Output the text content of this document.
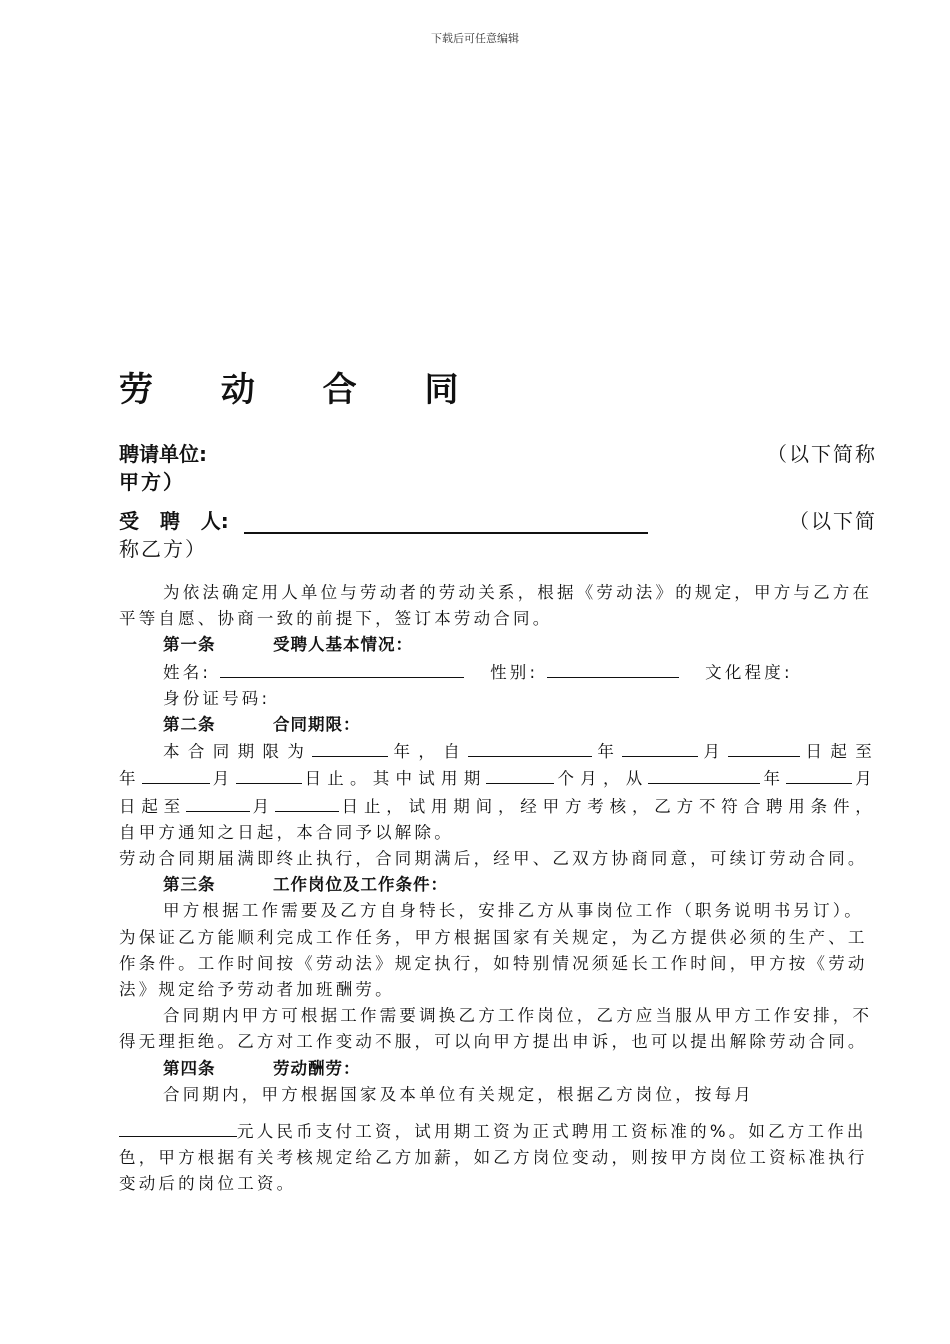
下载后可任意编辑
劳 动 合 同
聘请单位:	（以下简称
甲方）
受   聘   人:	（以下简
称乙方）

为依法确定用人单位与劳动者的劳动关系，根据《劳动法》的规定，甲方与乙方在平等自愿、协商一致的前提下，签订本劳动合同。

第一条	受聘人基本情况：

姓名:	性别:	文化程度:

身份证号码:

第二条	合同期限：

本合同期限为	年，自	年	月	日起至

年	月	日止。其中试用期	个月，从	年	月

日起至	月	日止，试用期间，经甲方考核，乙方不符合聘用条件，

自甲方通知之日起，本合同予以解除。

劳动合同期届满即终止执行，合同期满后，经甲、乙双方协商同意，可续订劳动合同。

第三条	工作岗位及工作条件：

甲方根据工作需要及乙方自身特长，安排乙方从事岗位工作（职务说明书另订）。为保证乙方能顺利完成工作任务，甲方根据国家有关规定，为乙方提供必须的生产、工作条件。工作时间按《劳动法》规定执行，如特别情况须延长工作时间，甲方按《劳动法》规定给予劳动者加班酬劳。

合同期内甲方可根据工作需要调换乙方工作岗位，乙方应当服从甲方工作安排，不得无理拒绝。乙方对工作变动不服，可以向甲方提出申诉，也可以提出解除劳动合同。

第四条	劳动酬劳：

合同期内，甲方根据国家及本单位有关规定，根据乙方岗位，按每月

元人民币支付工资，试用期工资为正式聘用工资标准的%。如乙方工作出色，甲方根据有关考核规定给乙方加薪，如乙方岗位变动，则按甲方岗位工资标准执行变动后的岗位工资。
